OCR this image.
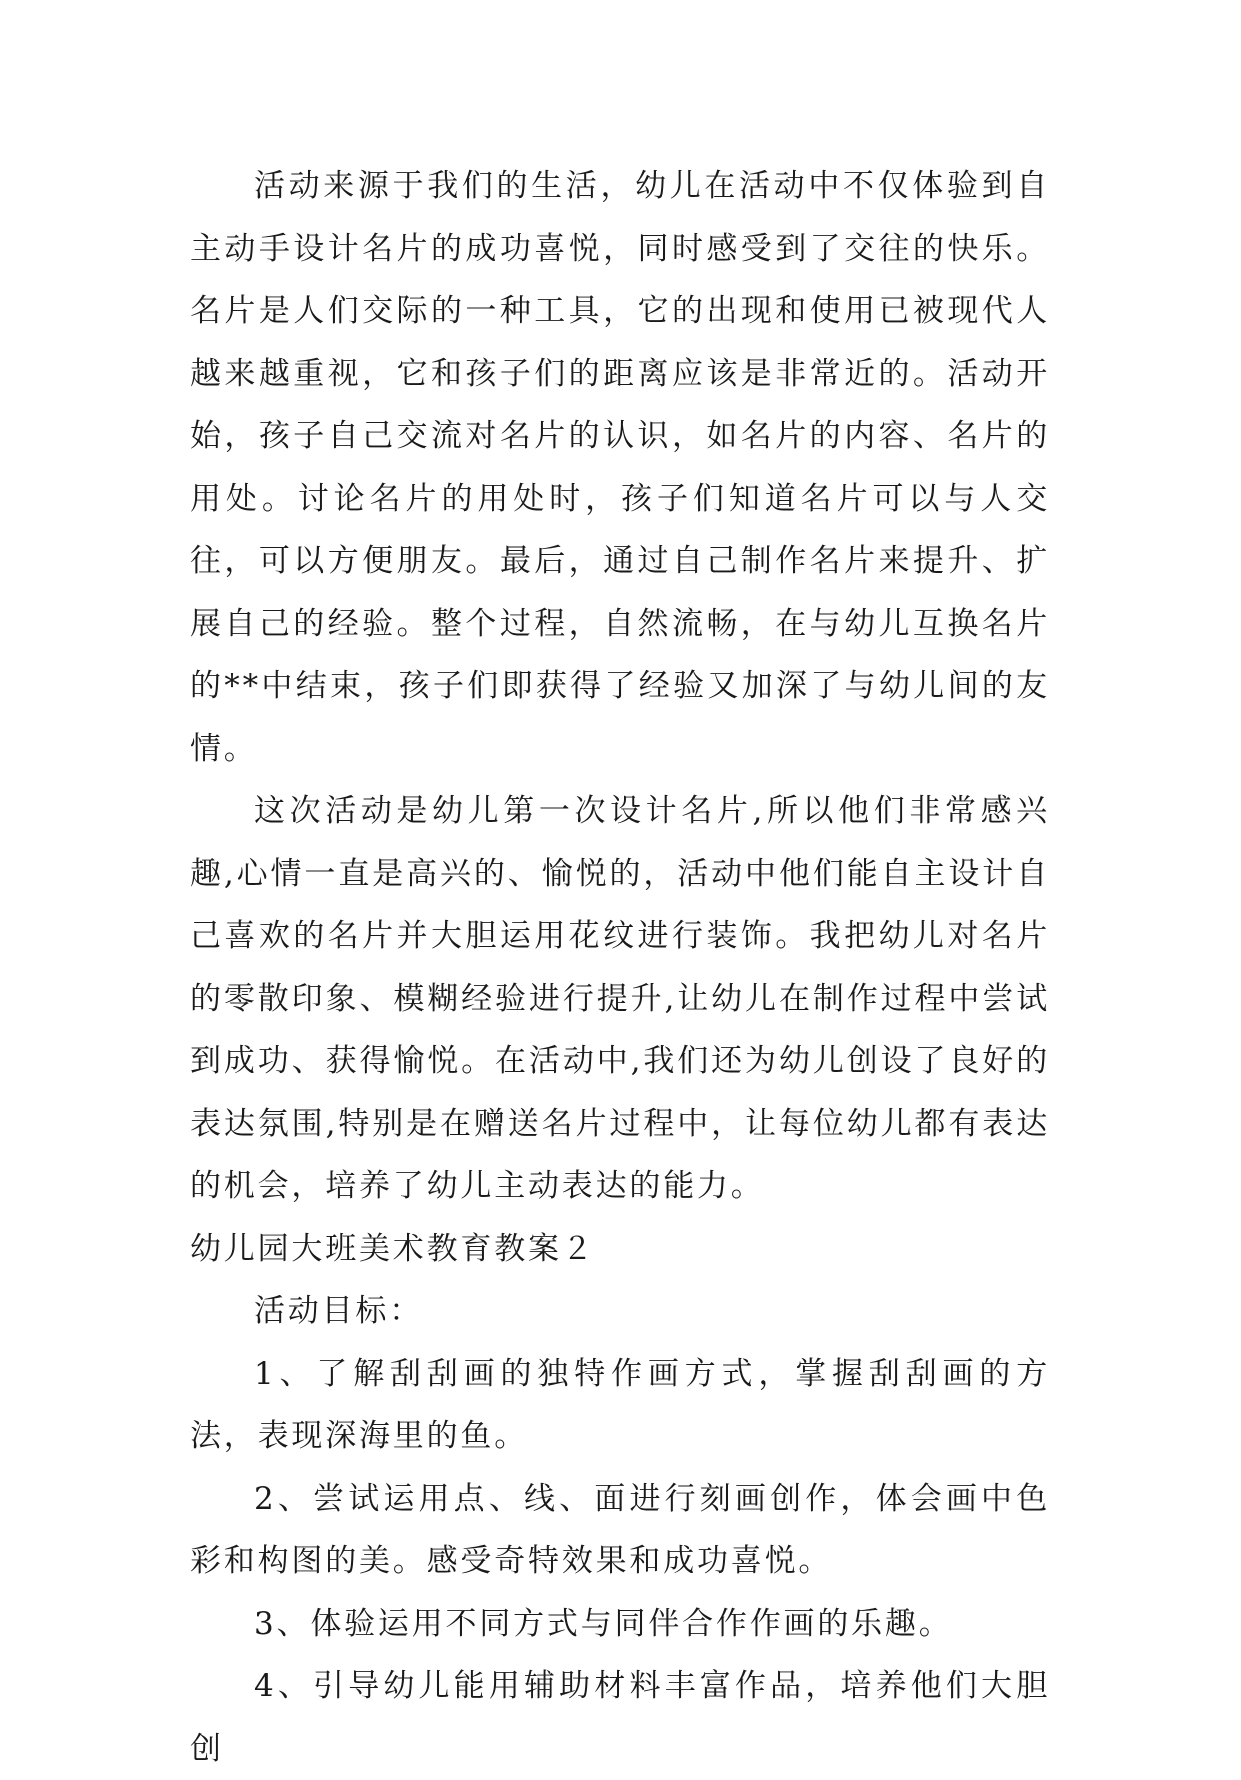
活动来源于我们的生活，幼儿在活动中不仅体验到自主动手设计名片的成功喜悦，同时感受到了交往的快乐。名片是人们交际的一种工具，它的出现和使用已被现代人越来越重视，它和孩子们的距离应该是非常近的。活动开始，孩子自己交流对名片的认识，如名片的内容、名片的用处。讨论名片的用处时，孩子们知道名片可以与人交往，可以方便朋友。最后，通过自己制作名片来提升、扩展自己的经验。整个过程，自然流畅，在与幼儿互换名片的**中结束，孩子们即获得了经验又加深了与幼儿间的友情。

这次活动是幼儿第一次设计名片,所以他们非常感兴趣,心情一直是高兴的、愉悦的，活动中他们能自主设计自己喜欢的名片并大胆运用花纹进行装饰。我把幼儿对名片的零散印象、模糊经验进行提升,让幼儿在制作过程中尝试到成功、获得愉悦。在活动中,我们还为幼儿创设了良好的表达氛围,特别是在赠送名片过程中，让每位幼儿都有表达的机会，培养了幼儿主动表达的能力。

幼儿园大班美术教育教案２

活动目标：

1、了解刮刮画的独特作画方式，掌握刮刮画的方法，表现深海里的鱼。

2、尝试运用点、线、面进行刻画创作，体会画中色彩和构图的美。感受奇特效果和成功喜悦。

3、体验运用不同方式与同伴合作作画的乐趣。

4、引导幼儿能用辅助材料丰富作品，培养他们大胆创
